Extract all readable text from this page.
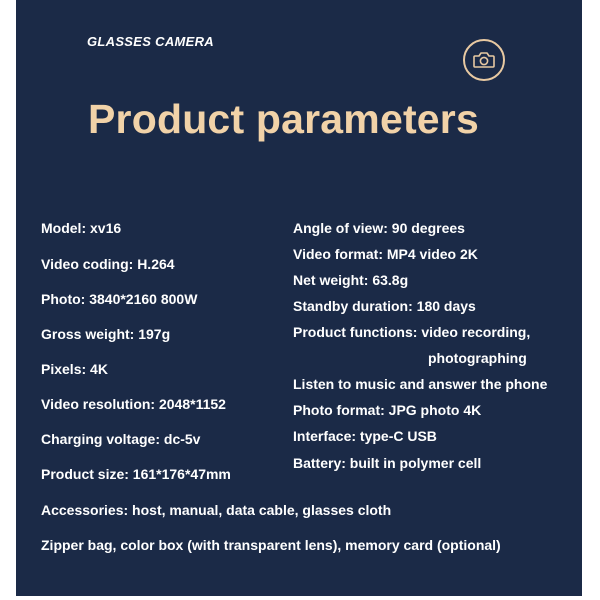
GLASSES CAMERA
Product parameters
Model: xv16
Video coding: H.264
Photo: 3840*2160 800W
Gross weight: 197g
Pixels: 4K
Video resolution: 2048*1152
Charging voltage: dc-5v
Product size: 161*176*47mm
Angle of view: 90 degrees
Video format: MP4 video 2K
Net weight: 63.8g
Standby duration: 180 days
Product functions: video recording,
photographing
Listen to music and answer the phone
Photo format: JPG photo 4K
Interface: type-C USB
Battery: built in polymer cell
Accessories: host, manual, data cable, glasses cloth
Zipper bag, color box (with transparent lens), memory card (optional)
